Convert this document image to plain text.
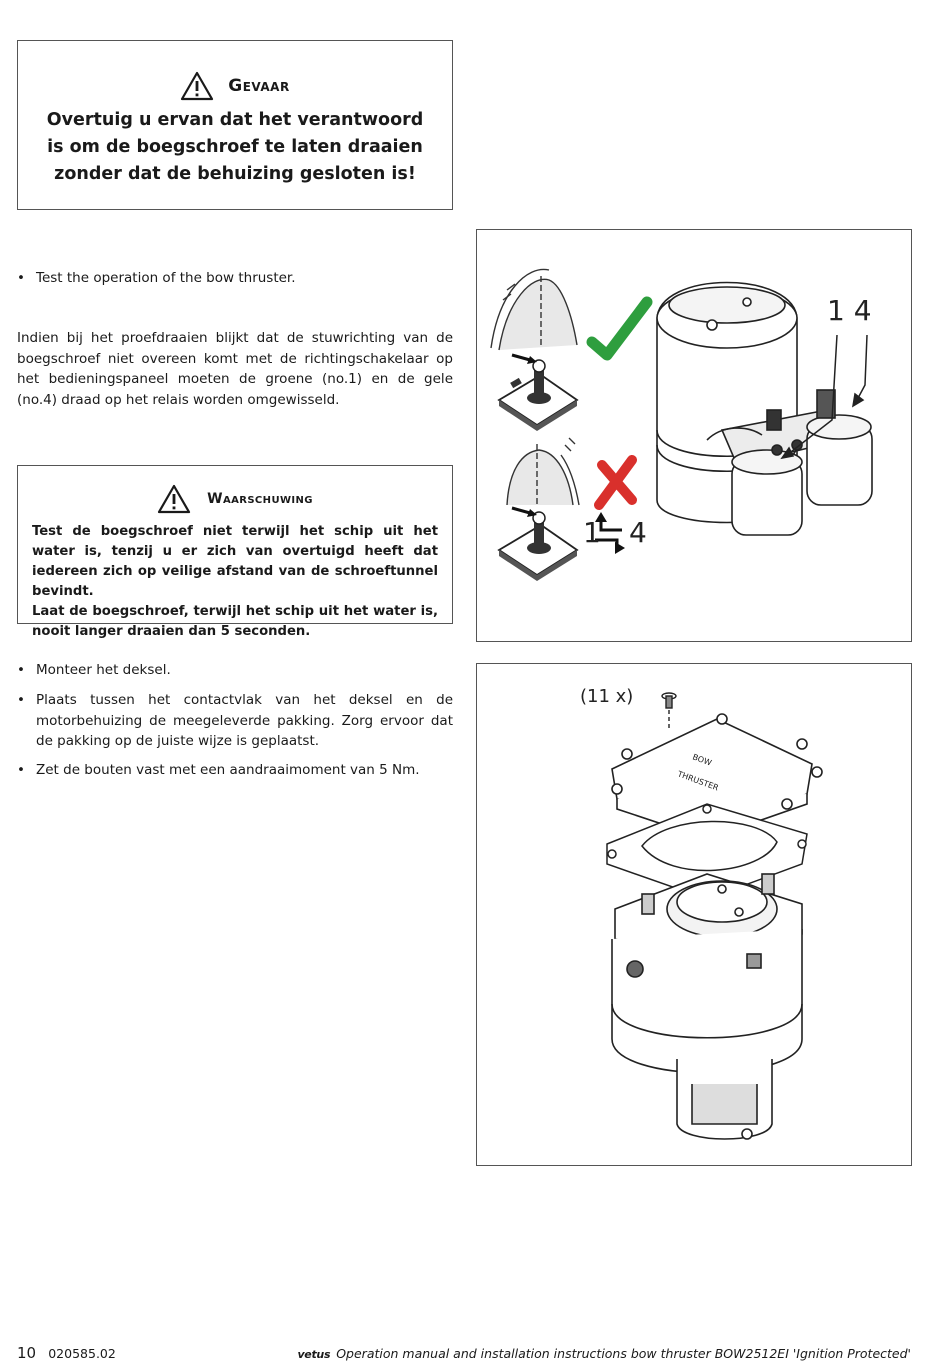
Gevaar
Overtuig u ervan dat het verantwoord is om de boegschroef te laten draaien zonder dat de behuizing gesloten is!
• Test the operation of the bow thruster.
Indien bij het proefdraaien blijkt dat de stuwrichting van de boegschroef niet overeen komt met de richtingschakelaar op het bedieningspaneel moeten de groene (no.1) en de gele (no.4) draad op het relais worden omgewisseld.
Waarschuwing
Test de boegschroef niet terwijl het schip uit het water is, tenzij u er zich van overtuigd heeft dat iedereen zich op veilige afstand van de schroeftunnel bevindt.
Laat de boegschroef, terwijl het schip uit het water is, nooit langer draaien dan 5 seconden.
• Monteer het deksel.
• Plaats tussen het contactvlak van het deksel en de motorbehuizing de meegeleverde pakking. Zorg ervoor dat de pakking op de juiste wijze is geplaatst.
• Zet de bouten vast met een aandraaimoment van 5 Nm.
1 4
1 4
BOW
THRUSTER
(11 x)
10 020585.02	vetus Operation manual and installation instructions bow thruster BOW2512EI 'Ignition Protected'
